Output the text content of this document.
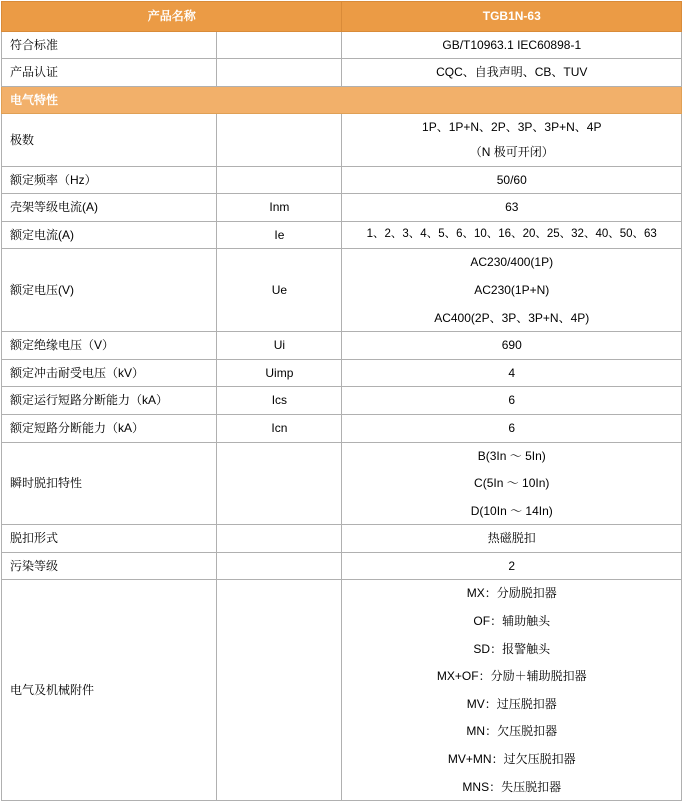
产品名称		TGB1N-63
符合标准		GB/T10963.1 IEC60898-1

产品认证		CQC、自我声明、CB、TUV

电气特性		
极数		1P、1P+N、2P、3P、3P+N、4P
（N 极可开闭）

额定频率（Hz）		50/60

壳架等级电流(A)	Inm	63

额定电流(A)	Ie	1、2、3、4、5、6、10、16、20、25、32、40、50、63

额定电压(V)	Ue	AC230/400(1P)
AC230(1P+N)
AC400(2P、3P、3P+N、4P)

额定绝缘电压（V）	Ui	690

额定冲击耐受电压（kV）	Uimp	4

额定运行短路分断能力（kA）	Ics	6

额定短路分断能力（kA）	Icn	6

瞬时脱扣特性		B(3In ～ 5In)
C(5In ～ 10In)
D(10In ～ 14In)

脱扣形式		热磁脱扣

污染等级		2

电气及机械附件		
MX：分励脱扣器
OF：辅助触头
SD：报警触头
MX+OF：分励＋辅助脱扣器
MV：过压脱扣器
MN：欠压脱扣器
MV+MN：过欠压脱扣器
MNS：失压脱扣器
